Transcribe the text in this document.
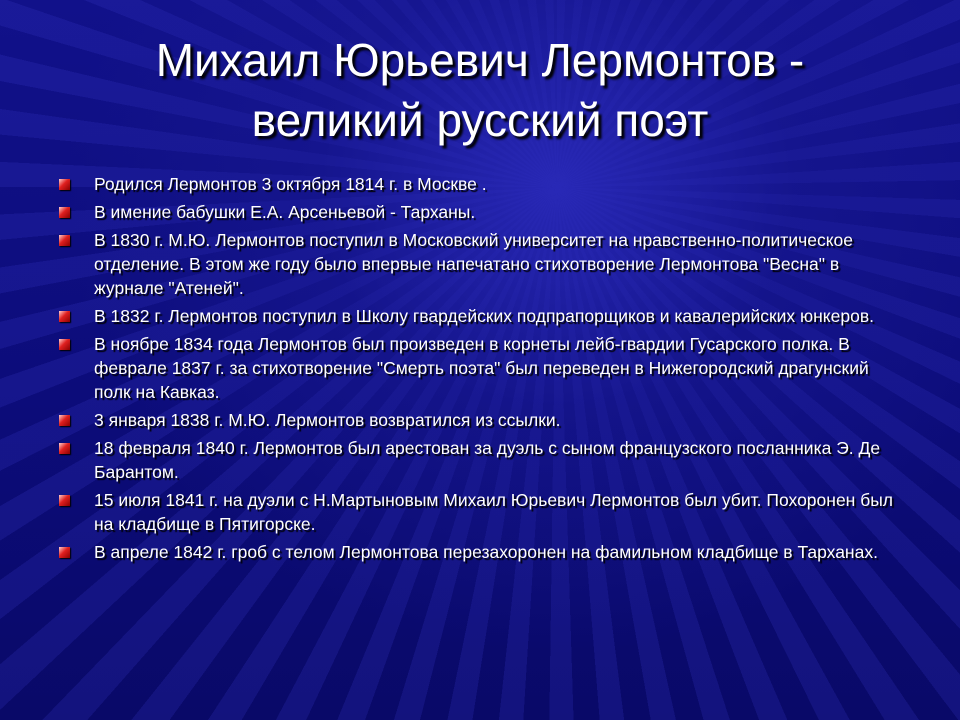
Михаил Юрьевич Лермонтов -
великий русский поэт
Родился Лермонтов 3 октября 1814 г. в Москве .
В имение бабушки Е.А. Арсеньевой - Тарханы.
В 1830 г. М.Ю. Лермонтов поступил в Московский университет на нравственно-политическое отделение. В этом же году было впервые напечатано стихотворение Лермонтова "Весна" в журнале "Атеней".
В 1832 г. Лермонтов поступил в Школу гвардейских подпрапорщиков и кавалерийских юнкеров.
В ноябре 1834 года Лермонтов был произведен в корнеты лейб-гвардии Гусарского полка. В феврале 1837 г. за стихотворение "Смерть поэта" был переведен в Нижегородский драгунский полк на Кавказ.
3 января 1838 г. М.Ю. Лермонтов возвратился из ссылки.
18 февраля 1840 г. Лермонтов был арестован за дуэль с сыном французского посланника Э. Де Барантом.
15 июля 1841 г. на дуэли с Н.Мартыновым Михаил Юрьевич Лермонтов был убит. Похоронен был на кладбище в Пятигорске.
В апреле 1842 г. гроб с телом Лермонтова перезахоронен на фамильном кладбище в Тарханах.
